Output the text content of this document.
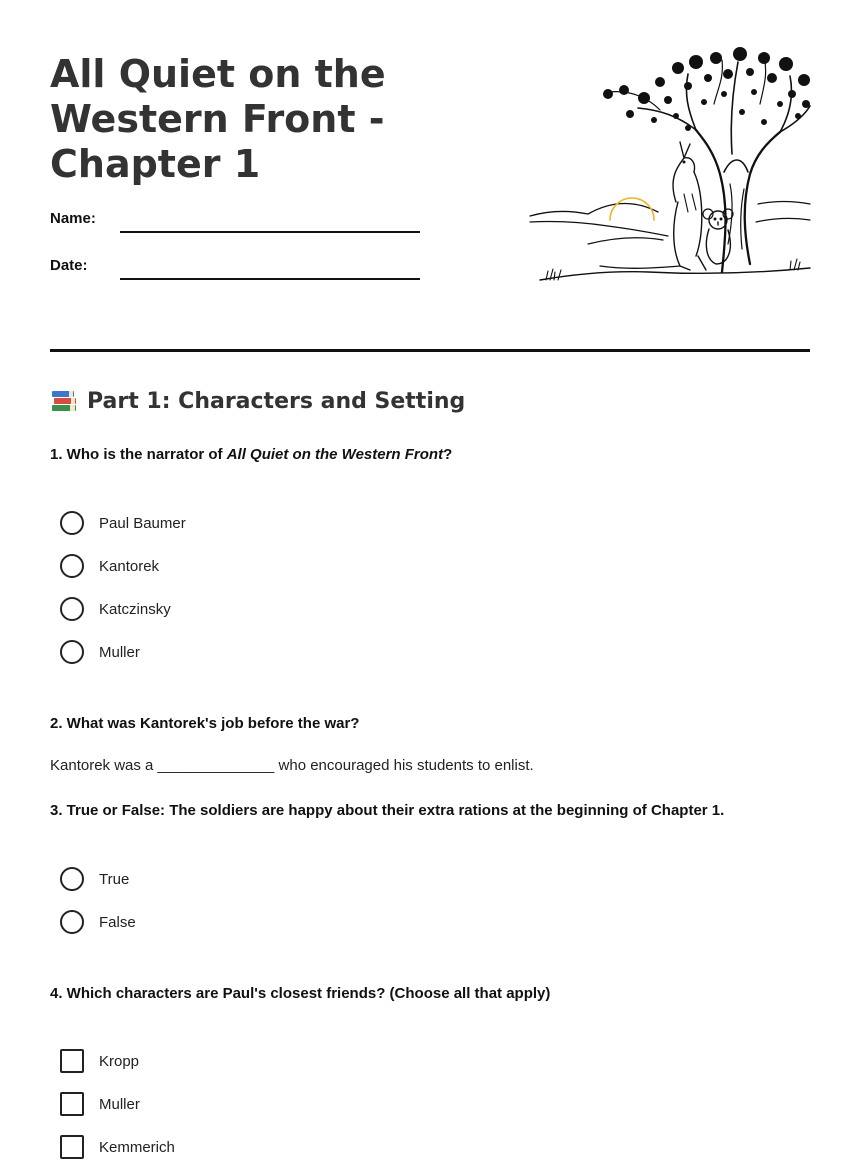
All Quiet on the Western Front - Chapter 1
Name:
Date:
Part 1: Characters and Setting

1. Who is the narrator of All Quiet on the Western Front?

Paul Baumer
Kantorek
Katczinsky
Muller

2. What was Kantorek's job before the war?

Kantorek was a ______________ who encouraged his students to enlist.

3. True or False: The soldiers are happy about their extra rations at the beginning of Chapter 1.

True
False

4. Which characters are Paul's closest friends? (Choose all that apply)

Kropp
Muller
Kemmerich
